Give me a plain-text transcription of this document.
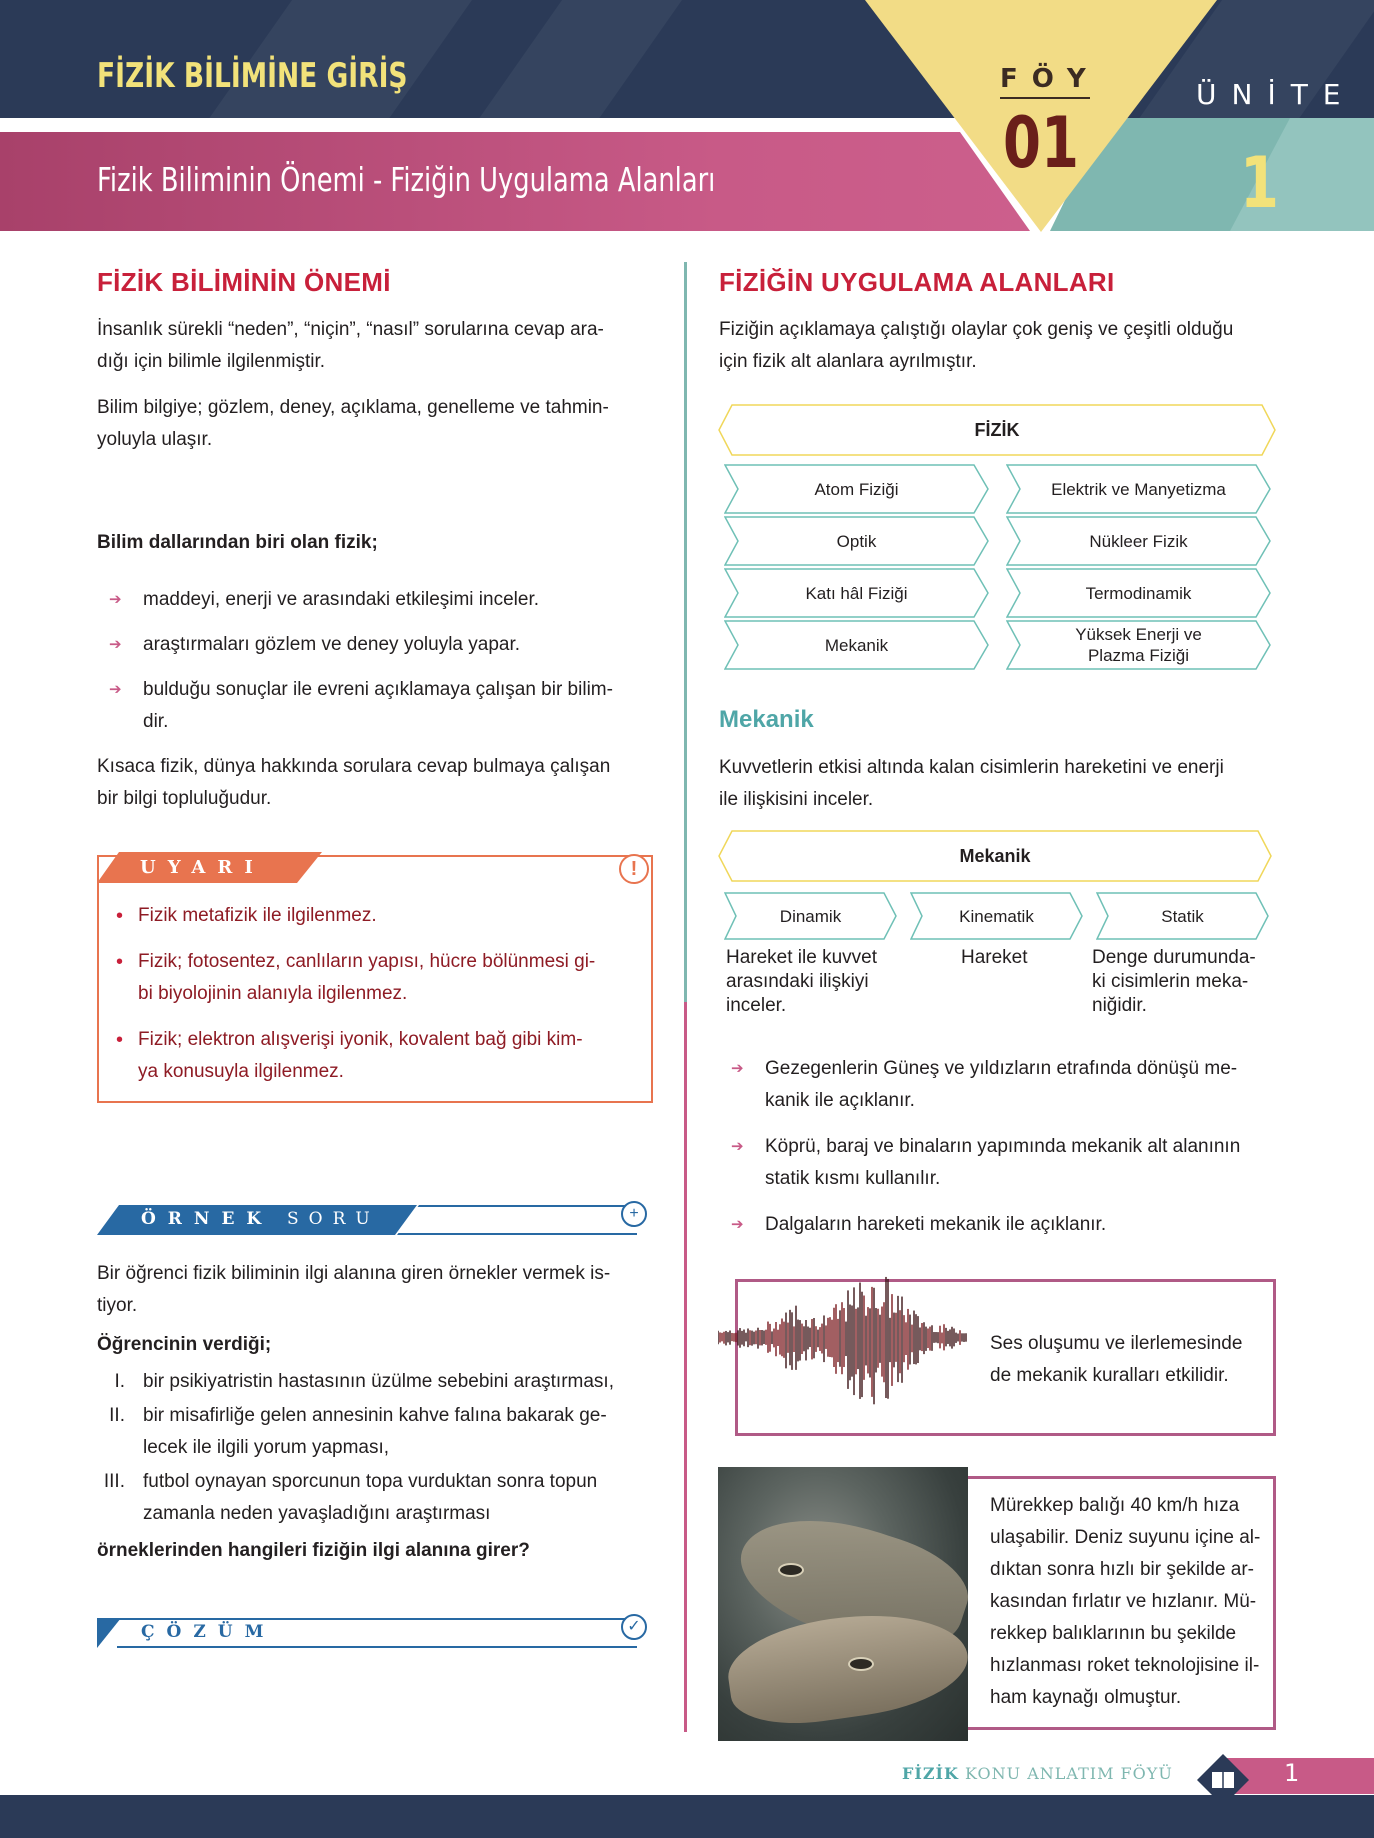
FİZİK BİLİMİNE GİRİŞ
Fizik Biliminin Önemi - Fiziğin Uygulama Alanları
FÖY
01
ÜNİTE
1
FİZİK BİLİMİNİN ÖNEMİ
İnsanlık sürekli “neden”, “niçin”, “nasıl” sorularına cevap ara-
dığı için bilimle ilgilenmiştir.
Bilim bilgiye; gözlem, deney, açıklama, genelleme ve tahmin-
yoluyla ulaşır.
Bilim dallarından biri olan fizik;
➔ maddeyi, enerji ve arasındaki etkileşimi inceler.
➔ araştırmaları gözlem ve deney yoluyla yapar.
➔ bulduğu sonuçlar ile evreni açıklamaya çalışan bir bilim-
dir.
Kısaca fizik, dünya hakkında sorulara cevap bulmaya çalışan
bir bilgi topluluğudur.
UYARI	!
• Fizik metafizik ile ilgilenmez.
• Fizik; fotosentez, canlıların yapısı, hücre bölünmesi gi-
bi biyolojinin alanıyla ilgilenmez.
• Fizik; elektron alışverişi iyonik, kovalent bağ gibi kim-
ya konusuyla ilgilenmez.
ÖRNEK SORU	+
Bir öğrenci fizik biliminin ilgi alanına giren örnekler vermek is-
tiyor.
Öğrencinin verdiği;
I. bir psikiyatristin hastasının üzülme sebebini araştırması,
II. bir misafirliğe gelen annesinin kahve falına bakarak ge-
lecek ile ilgili yorum yapması,
III. futbol oynayan sporcunun topa vurduktan sonra topun
zamanla neden yavaşladığını araştırması
örneklerinden hangileri fiziğin ilgi alanına girer?
ÇÖZÜM	✓
FİZİĞİN UYGULAMA ALANLARI
Fiziğin açıklamaya çalıştığı olaylar çok geniş ve çeşitli olduğu
için fizik alt alanlara ayrılmıştır.
FİZİK
Atom Fiziği
Optik
Katı hâl Fiziği
Mekanik
Elektrik ve Manyetizma
Nükleer Fizik
Termodinamik
Yüksek Enerji ve
Plazma Fiziği
Mekanik
Kuvvetlerin etkisi altında kalan cisimlerin hareketini ve enerji
ile ilişkisini inceler.
Mekanik
Dinamik	Kinematik	Statik
Hareket ile kuvvet
arasındaki ilişkiyi
inceler.
Hareket	Denge durumunda-
ki cisimlerin meka-
niğidir.
➔ Gezegenlerin Güneş ve yıldızların etrafında dönüşü me-
kanik ile açıklanır.
➔ Köprü, baraj ve binaların yapımında mekanik alt alanının
statik kısmı kullanılır.
➔ Dalgaların hareketi mekanik ile açıklanır.
Ses oluşumu ve ilerlemesinde
de mekanik kuralları etkilidir.
Mürekkep balığı 40 km/h hıza
ulaşabilir. Deniz suyunu içine al-
dıktan sonra hızlı bir şekilde ar-
kasından fırlatır ve hızlanır. Mü-
rekkep balıklarının bu şekilde
hızlanması roket teknolojisine il-
ham kaynağı olmuştur.
FİZİK KONU ANLATIM FÖYÜ	1
